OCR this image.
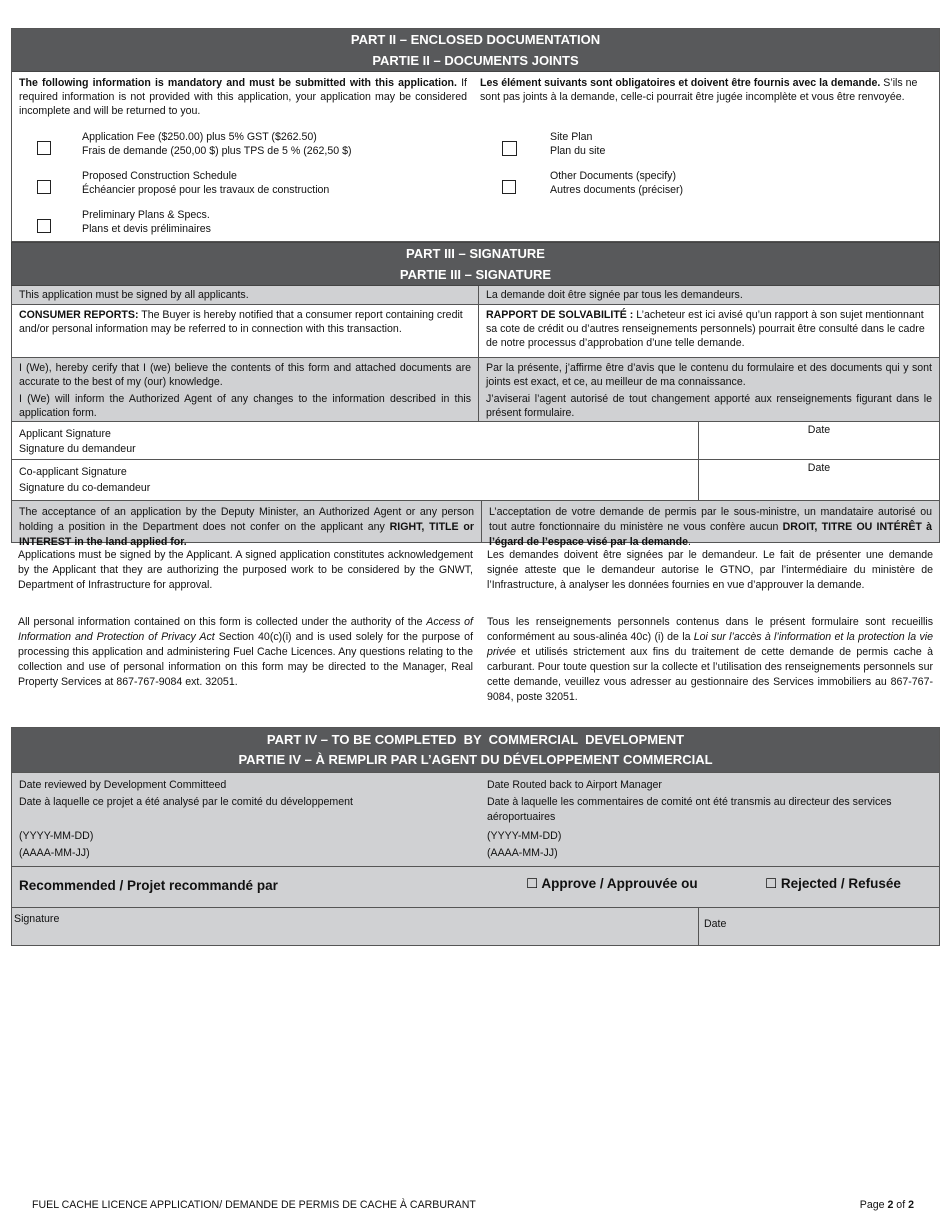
PART II – ENCLOSED DOCUMENTATION
PARTIE II – DOCUMENTS JOINTS
The following information is mandatory and must be submitted with this application. If required information is not provided with this application, your application may be considered incomplete and will be returned to you.
Les élément suivants sont obligatoires et doivent être fournis avec la demande. S’ils ne sont pas joints à la demande, celle-ci pourrait être jugée incomplète et vous être renvoyée.
Application Fee ($250.00) plus 5% GST ($262.50)
Frais de demande (250,00 $) plus TPS de 5 % (262,50 $)
Proposed Construction Schedule
Échéancier proposé pour les travaux de construction
Preliminary Plans & Specs.
Plans et devis préliminaires
Site Plan
Plan du site
Other Documents (specify)
Autres documents (préciser)
PART III – SIGNATURE
PARTIE III – SIGNATURE
This application must be signed by all applicants.	La demande doit être signée par tous les demandeurs.
CONSUMER REPORTS: The Buyer is hereby notified that a consumer report containing credit and/or personal information may be referred to in connection with this transaction.
RAPPORT DE SOLVABILITÉ : L’acheteur est ici avisé qu’un rapport à son sujet mentionnant sa cote de crédit ou d’autres renseignements personnels) pourrait être consulté dans le cadre de notre processus d’approbation d’une telle demande.
I (We), hereby cerify that I (we) believe the contents of this form and attached documents are accurate to the best of my (our) knowledge.
I (We) will inform the Authorized Agent of any changes to the information described in this application form.
Par la présente, j’affirme être d’avis que le contenu du formulaire et des documents qui y sont joints est exact, et ce, au meilleur de ma connaissance.
J’aviserai l’agent autorisé de tout changement apporté aux renseignements figurant dans le présent formulaire.
Applicant Signature
Signature du demandeur
Date
Co-applicant Signature
Signature du co-demandeur
Date
The acceptance of an application by the Deputy Minister, an Authorized Agent or any person holding a position in the Department does not confer on the applicant any RIGHT, TITLE or INTEREST in the land applied for.
L’acceptation de votre demande de permis par le sous-ministre, un mandataire autorisé ou tout autre fonctionnaire du ministère ne vous confère aucun DROIT, TITRE OU INTÉRÊT à l’égard de l’espace visé par la demande.
Applications must be signed by the Applicant. A signed application constitutes acknowledgement by the Applicant that they are authorizing the purposed work to be considered by the GNWT, Department of Infrastructure for approval.
Les demandes doivent être signées par le demandeur. Le fait de présenter une demande signée atteste que le demandeur autorise le GTNO, par l’intermédiaire du ministère de l’Infrastructure, à analyser les données fournies en vue d’approuver la demande.
All personal information contained on this form is collected under the authority of the Access of Information and Protection of Privacy Act Section 40(c)(i) and is used solely for the purpose of processing this application and administering Fuel Cache Licences. Any questions relating to the collection and use of personal information on this form may be directed to the Manager, Real Property Services at 867-767-9084 ext. 32051.
Tous les renseignements personnels contenus dans le présent formulaire sont recueillis conformément au sous-alinéa 40c) (i) de la Loi sur l’accès à l’information et la protection la vie privée et utilisés strictement aux fins du traitement de cette demande de permis cache à carburant. Pour toute question sur la collecte et l’utilisation des renseignements personnels sur cette demande, veuillez vous adresser au gestionnaire des Services immobiliers au 867-767-9084, poste 32051.
PART IV – TO BE COMPLETED  BY  COMMERCIAL  DEVELOPMENT
PARTIE IV – À REMPLIR PAR L’AGENT DU DÉVELOPPEMENT COMMERCIAL
Date reviewed by Development Committeed
Date à laquelle ce projet a été analysé par le comité du développement
(YYYY-MM-DD)
(AAAA-MM-JJ)
Date Routed back to Airport Manager
Date à laquelle les commentaires de comité ont été transmis au directeur des services aéroportuaires
(YYYY-MM-DD)
(AAAA-MM-JJ)
Recommended / Projet recommandé par	☐ Approve / Approuvée ou	☐ Rejected / Refusée
Signature	Date
FUEL CACHE LICENCE APPLICATION/ DEMANDE DE PERMIS DE CACHE À CARBURANT	Page 2 of 2
